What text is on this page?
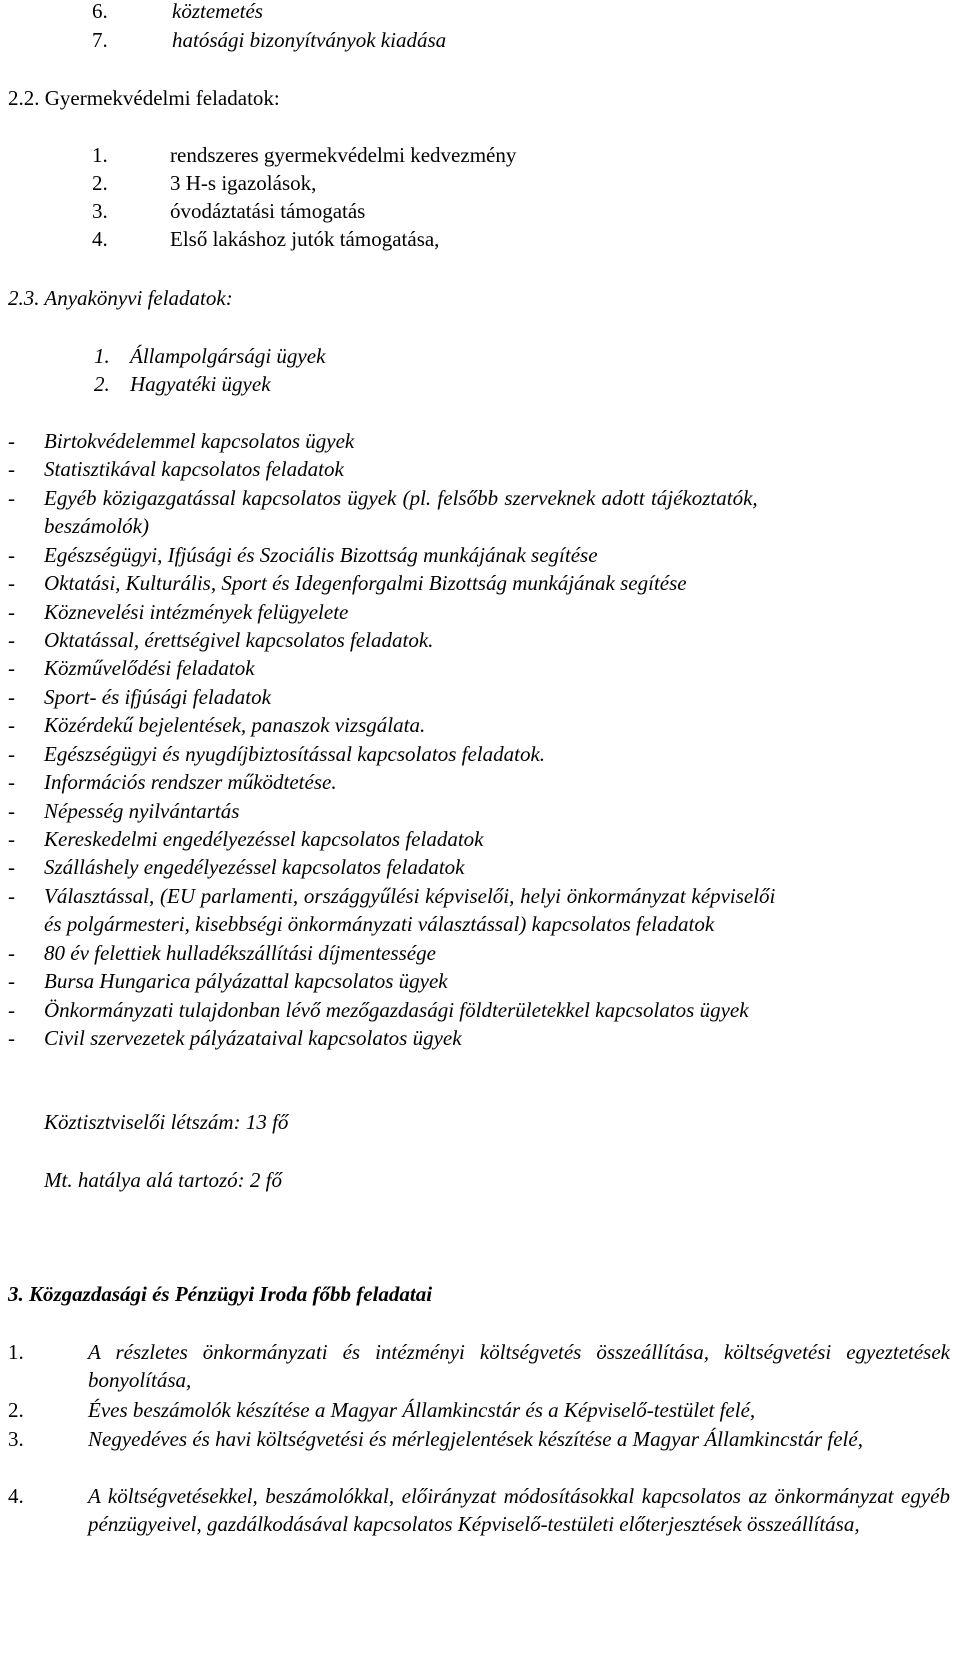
6.	köztemetés
7.	hatósági bizonyítványok kiadása
2.2. Gyermekvédelmi feladatok:
1.	rendszeres gyermekvédelmi kedvezmény
2.	3 H-s igazolások,
3.	óvodáztatási támogatás
4.	Első lakáshoz jutók támogatása,
2.3. Anyakönyvi feladatok:
1. Állampolgársági ügyek
2. Hagyatéki ügyek
- Birtokvédelemmel kapcsolatos ügyek
- Statisztikával kapcsolatos feladatok
- Egyéb közigazgatással kapcsolatos ügyek (pl. felsőbb szerveknek adott tájékoztatók,
beszámolók)
- Egészségügyi, Ifjúsági és Szociális Bizottság munkájának segítése
- Oktatási, Kulturális, Sport és Idegenforgalmi Bizottság munkájának segítése
- Köznevelési intézmények felügyelete
- Oktatással, érettségivel kapcsolatos feladatok.
- Közművelődési feladatok
- Sport- és ifjúsági feladatok
- Közérdekű bejelentések, panaszok vizsgálata.
- Egészségügyi és nyugdíjbiztosítással kapcsolatos feladatok.
- Információs rendszer működtetése.
- Népesség nyilvántartás
- Kereskedelmi engedélyezéssel kapcsolatos feladatok
- Szálláshely engedélyezéssel kapcsolatos feladatok
- Választással, (EU parlamenti, országgyűlési képviselői, helyi önkormányzat képviselői
és polgármesteri, kisebbségi önkormányzati választással) kapcsolatos feladatok
- 80 év felettiek hulladékszállítási díjmentessége
- Bursa Hungarica pályázattal kapcsolatos ügyek
- Önkormányzati tulajdonban lévő mezőgazdasági földterületekkel kapcsolatos ügyek
- Civil szervezetek pályázataival kapcsolatos ügyek
Köztisztviselői létszám: 13 fő
Mt. hatálya alá tartozó: 2 fő
3. Közgazdasági és Pénzügyi Iroda főbb feladatai
1.	A részletes önkormányzati és intézményi költségvetés összeállítása, költségvetési egyeztetések bonyolítása,
2.	Éves beszámolók készítése a Magyar Államkincstár és a Képviselő-testület felé,
3.	Negyedéves és havi költségvetési és mérlegjelentések készítése a Magyar Államkincstár felé,
4.	A költségvetésekkel, beszámolókkal, előirányzat módosításokkal kapcsolatos az önkormányzat egyéb pénzügyeivel, gazdálkodásával kapcsolatos Képviselő-testületi előterjesztések összeállítása,
